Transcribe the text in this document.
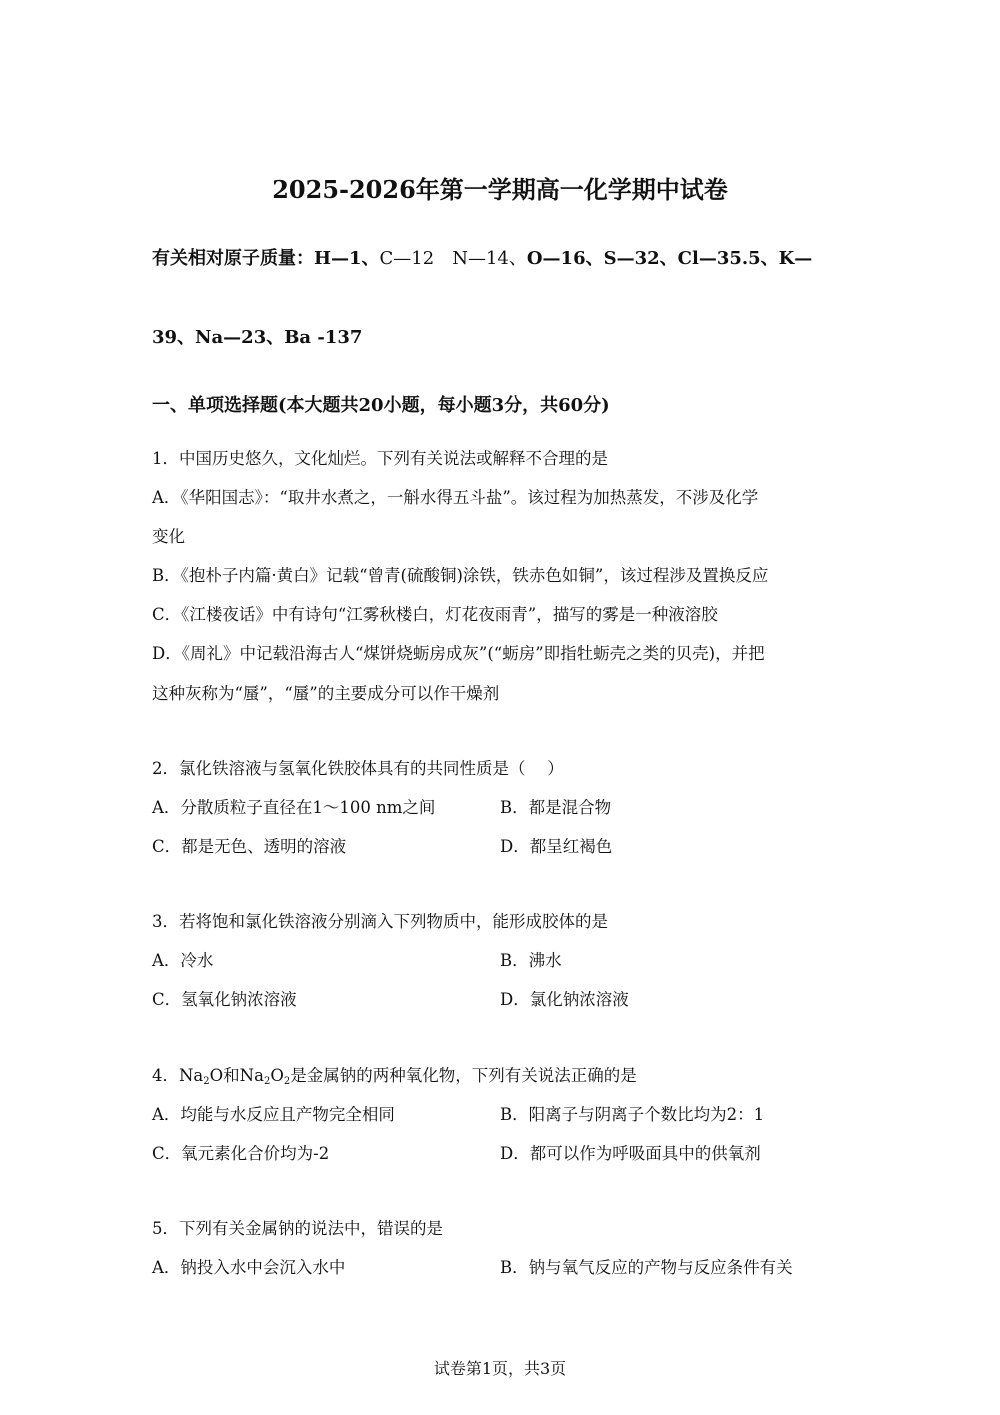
2025-2026年第一学期高一化学期中试卷
有关相对原子质量：H—1、C—12　N—14、O—16、S—32、Cl—35.5、K—
39、Na—23、Ba -137
一、单项选择题(本大题共20小题，每小题3分，共60分)
1．中国历史悠久，文化灿烂。下列有关说法或解释不合理的是
A．《华阳国志》：“取井水煮之，一斛水得五斗盐”。该过程为加热蒸发，不涉及化学
变化
B．《抱朴子内篇·黄白》记载“曾青(硫酸铜)涂铁，铁赤色如铜”，该过程涉及置换反应
C．《江楼夜话》中有诗句“江雾秋楼白，灯花夜雨青”，描写的雾是一种液溶胶
D．《周礼》中记载沿海古人“煤饼烧蛎房成灰”(“蛎房”即指牡蛎壳之类的贝壳)，并把
这种灰称为“蜃”，“蜃”的主要成分可以作干燥剂
2．氯化铁溶液与氢氧化铁胶体具有的共同性质是（　 ）
A．分散质粒子直径在1～100 nm之间	B．都是混合物
C．都是无色、透明的溶液	D．都呈红褐色
3．若将饱和氯化铁溶液分别滴入下列物质中，能形成胶体的是
A．冷水	B．沸水
C．氢氧化钠浓溶液	D．氯化钠浓溶液
4．$Na_2O$和$Na_2O_2$是金属钠的两种氧化物，下列有关说法正确的是
A．均能与水反应且产物完全相同	B．阳离子与阴离子个数比均为2：1
C．氧元素化合价均为-2	D．都可以作为呼吸面具中的供氧剂
5．下列有关金属钠的说法中，错误的是
A．钠投入水中会沉入水中	B．钠与氧气反应的产物与反应条件有关
试卷第1页，共3页
